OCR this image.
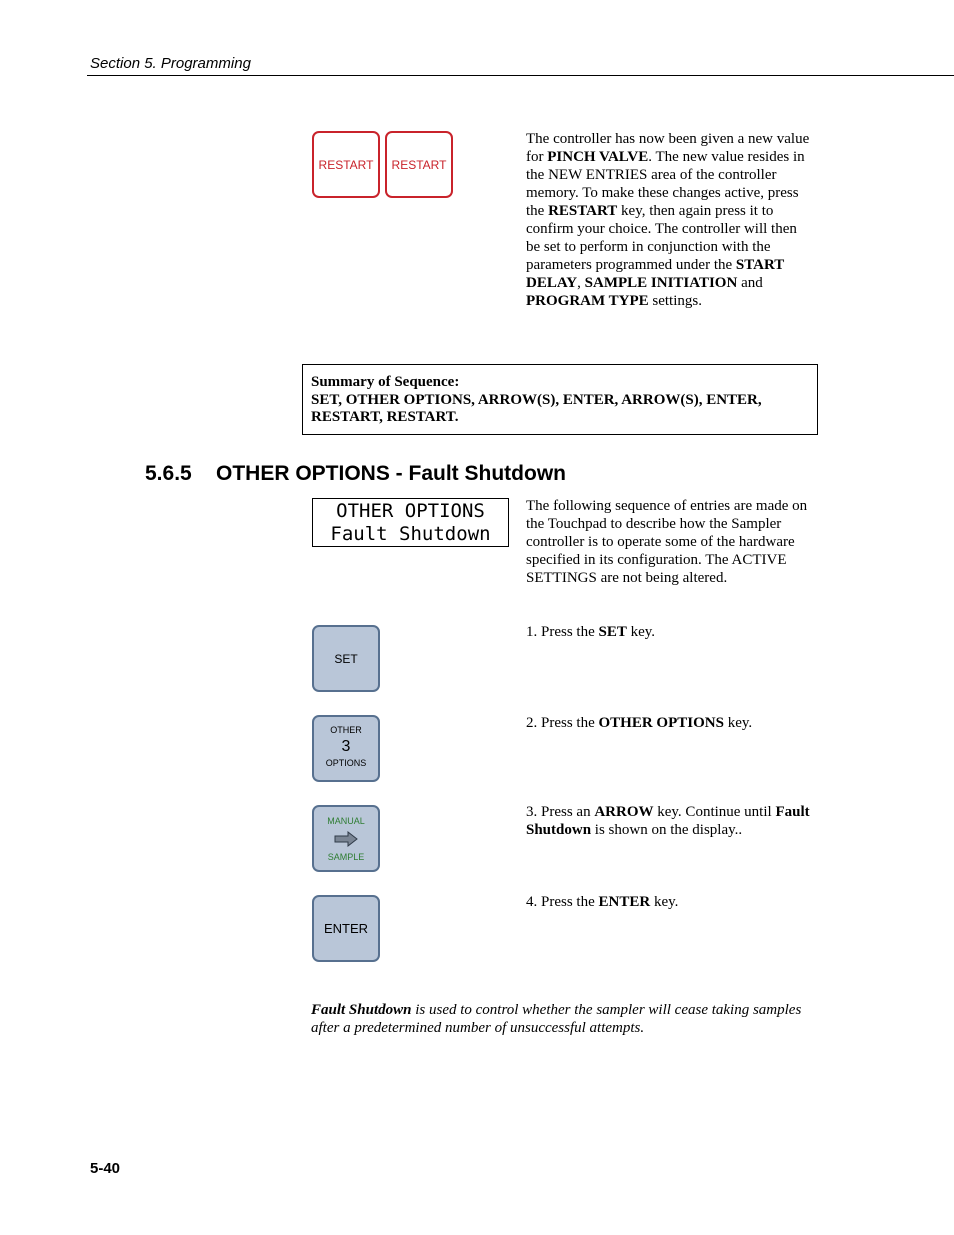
Section 5. Programming
RESTART RESTART
The controller has now been given a new value for PINCH VALVE. The new value resides in the NEW ENTRIES area of the controller memory. To make these changes active, press the RESTART key, then again press it to confirm your choice. The controller will then be set to perform in conjunction with the parameters programmed under the START DELAY, SAMPLE INITIATION and PROGRAM TYPE settings.
Summary of Sequence:
SET, OTHER OPTIONS, ARROW(S), ENTER, ARROW(S), ENTER,
RESTART, RESTART.
5.6.5 OTHER OPTIONS - Fault Shutdown
OTHER OPTIONS
Fault Shutdown
The following sequence of entries are made on the Touchpad to describe how the Sampler controller is to operate some of the hardware specified in its configuration. The ACTIVE SETTINGS are not being altered.
SET
1. Press the SET key.
OTHER
3
OPTIONS
2. Press the OTHER OPTIONS key.
MANUAL
SAMPLE
3. Press an ARROW key. Continue until Fault Shutdown is shown on the display..
ENTER
4. Press the ENTER key.
Fault Shutdown is used to control whether the sampler will cease taking samples after a predetermined number of unsuccessful attempts.
5-40
